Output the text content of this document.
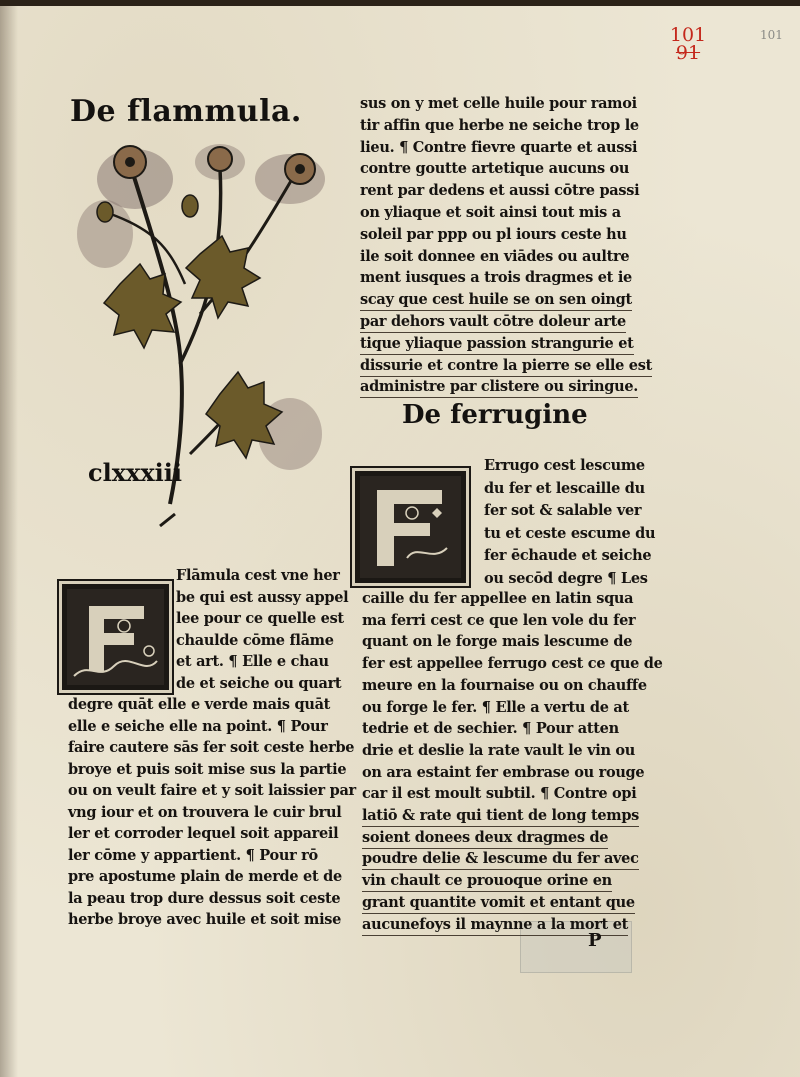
101
91
101
De flammula.
clxxxiii
De ferrugine
Flāmula cest vne her
be qui est aussy appel
lee pour ce quelle est
chaulde cōme flāme
et art. ¶ Elle e chau
de et seiche ou quart
degre quāt elle e verde mais quāt
elle e seiche elle na point. ¶ Pour
faire cautere sās fer soit ceste herbe
broye et puis soit mise sus la partie
ou on veult faire et y soit laissier par
vng iour et on trouvera le cuir brul
ler et corroder lequel soit appareil
ler cōme y appartient. ¶ Pour rō
pre apostume plain de merde et de
la peau trop dure dessus soit ceste
herbe broye avec huile et soit mise
sus on y met celle huile pour ramoi
tir affin que herbe ne seiche trop le
lieu. ¶ Contre fievre quarte et aussi
contre goutte artetique aucuns ou
rent par dedens et aussi cōtre passi
on yliaque et soit ainsi tout mis a
soleil par ppp ou pl iours ceste hu
ile soit donnee en viādes ou aultre
ment iusques a trois dragmes et ie
scay que cest huile se on sen oingt
par dehors vault cōtre doleur arte
tique yliaque passion strangurie et
dissurie et contre la pierre se elle est
administre par clistere ou siringue.
Errugo cest lescume
du fer et lescaille du
fer sot & salable ver
tu et ceste escume du
fer ēchaude et seiche
ou secōd degre ¶ Les
caille du fer appellee en latin squa
ma ferri cest ce que len vole du fer
quant on le forge mais lescume de
fer est appellee ferrugo cest ce que de
meure en la fournaise ou on chauffe
ou forge le fer. ¶ Elle a vertu de at
tedrie et de sechier. ¶ Pour atten
drie et deslie la rate vault le vin ou
on ara estaint fer embrase ou rouge
car il est moult subtil. ¶ Contre opi
latiō & rate qui tient de long temps
soient donees deux dragmes de
poudre delie & lescume du fer avec
vin chault ce prouoque orine en
grant quantite vomit et entant que
aucunefoys il maynne a la mort et
P
